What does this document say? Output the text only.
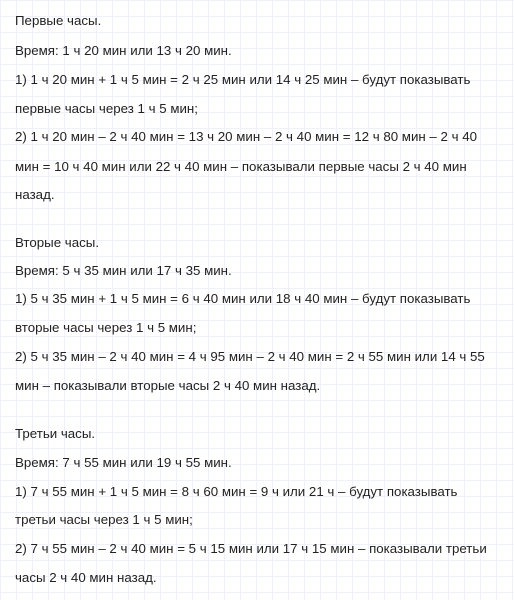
Первые часы.
Время: 1 ч 20 мин или 13 ч 20 мин.
1) 1 ч 20 мин + 1 ч 5 мин = 2 ч 25 мин или 14 ч 25 мин – будут показывать
первые часы через 1 ч 5 мин;
2) 1 ч 20 мин – 2 ч 40 мин = 13 ч 20 мин – 2 ч 40 мин = 12 ч 80 мин – 2 ч 40
мин = 10 ч 40 мин или 22 ч 40 мин – показывали первые часы 2 ч 40 мин
назад.
Вторые часы.
Время: 5 ч 35 мин или 17 ч 35 мин.
1) 5 ч 35 мин + 1 ч 5 мин = 6 ч 40 мин или 18 ч 40 мин – будут показывать
вторые часы через 1 ч 5 мин;
2) 5 ч 35 мин – 2 ч 40 мин = 4 ч 95 мин – 2 ч 40 мин = 2 ч 55 мин или 14 ч 55
мин – показывали вторые часы 2 ч 40 мин назад.
Третьи часы.
Время: 7 ч 55 мин или 19 ч 55 мин.
1) 7 ч 55 мин + 1 ч 5 мин = 8 ч 60 мин = 9 ч или 21 ч – будут показывать
третьи часы через 1 ч 5 мин;
2) 7 ч 55 мин – 2 ч 40 мин = 5 ч 15 мин или 17 ч 15 мин – показывали третьи
часы 2 ч 40 мин назад.
